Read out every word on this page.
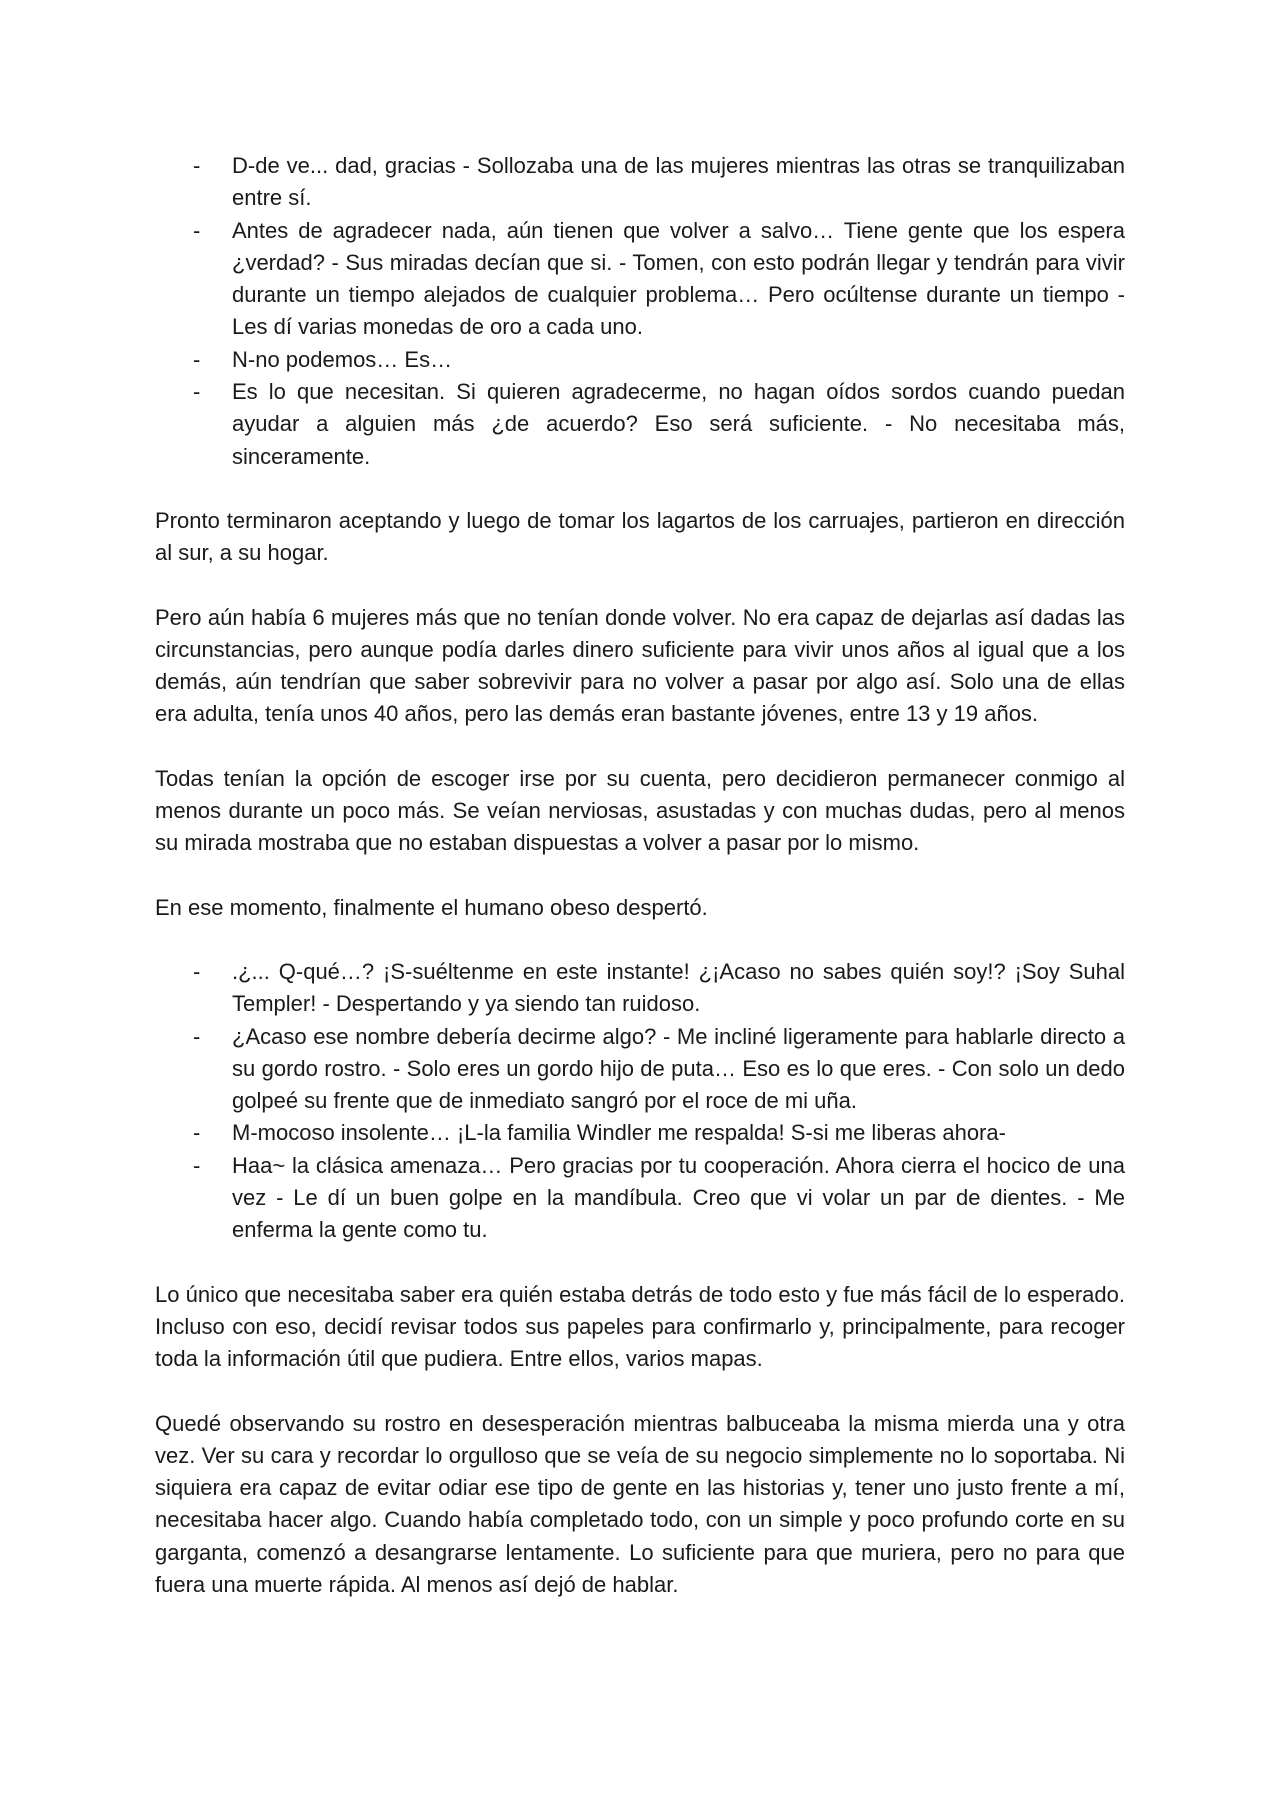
- D-de ve... dad, gracias - Sollozaba una de las mujeres mientras las otras se tranquilizaban entre sí.
- Antes de agradecer nada, aún tienen que volver a salvo… Tiene gente que los espera ¿verdad? - Sus miradas decían que si. - Tomen, con esto podrán llegar y tendrán para vivir durante un tiempo alejados de cualquier problema… Pero ocúltense durante un tiempo - Les dí varias monedas de oro a cada uno.
- N-no podemos… Es…
- Es lo que necesitan. Si quieren agradecerme, no hagan oídos sordos cuando puedan ayudar a alguien más ¿de acuerdo? Eso será suficiente. - No necesitaba más, sinceramente.

Pronto terminaron aceptando y luego de tomar los lagartos de los carruajes, partieron en dirección al sur, a su hogar.

Pero aún había 6 mujeres más que no tenían donde volver. No era capaz de dejarlas así dadas las circunstancias, pero aunque podía darles dinero suficiente para vivir unos años al igual que a los demás, aún tendrían que saber sobrevivir para no volver a pasar por algo así. Solo una de ellas era adulta, tenía unos 40 años, pero las demás eran bastante jóvenes, entre 13 y 19 años.

Todas tenían la opción de escoger irse por su cuenta, pero decidieron permanecer conmigo al menos durante un poco más. Se veían nerviosas, asustadas y con muchas dudas, pero al menos su mirada mostraba que no estaban dispuestas a volver a pasar por lo mismo.

En ese momento, finalmente el humano obeso despertó.

- .¿... Q-qué…? ¡S-suéltenme en este instante! ¿¡Acaso no sabes quién soy!? ¡Soy Suhal Templer! - Despertando y ya siendo tan ruidoso.
- ¿Acaso ese nombre debería decirme algo? - Me incliné ligeramente para hablarle directo a su gordo rostro. - Solo eres un gordo hijo de puta… Eso es lo que eres. - Con solo un dedo golpeé su frente que de inmediato sangró por el roce de mi uña.
- M-mocoso insolente… ¡L-la familia Windler me respalda! S-si me liberas ahora-
- Haa~ la clásica amenaza… Pero gracias por tu cooperación. Ahora cierra el hocico de una vez - Le dí un buen golpe en la mandíbula. Creo que vi volar un par de dientes. - Me enferma la gente como tu.

Lo único que necesitaba saber era quién estaba detrás de todo esto y fue más fácil de lo esperado. Incluso con eso, decidí revisar todos sus papeles para confirmarlo y, principalmente, para recoger toda la información útil que pudiera. Entre ellos, varios mapas.

Quedé observando su rostro en desesperación mientras balbuceaba la misma mierda una y otra vez. Ver su cara y recordar lo orgulloso que se veía de su negocio simplemente no lo soportaba. Ni siquiera era capaz de evitar odiar ese tipo de gente en las historias y, tener uno justo frente a mí, necesitaba hacer algo. Cuando había completado todo, con un simple y poco profundo corte en su garganta, comenzó a desangrarse lentamente. Lo suficiente para que muriera, pero no para que fuera una muerte rápida. Al menos así dejó de hablar.
